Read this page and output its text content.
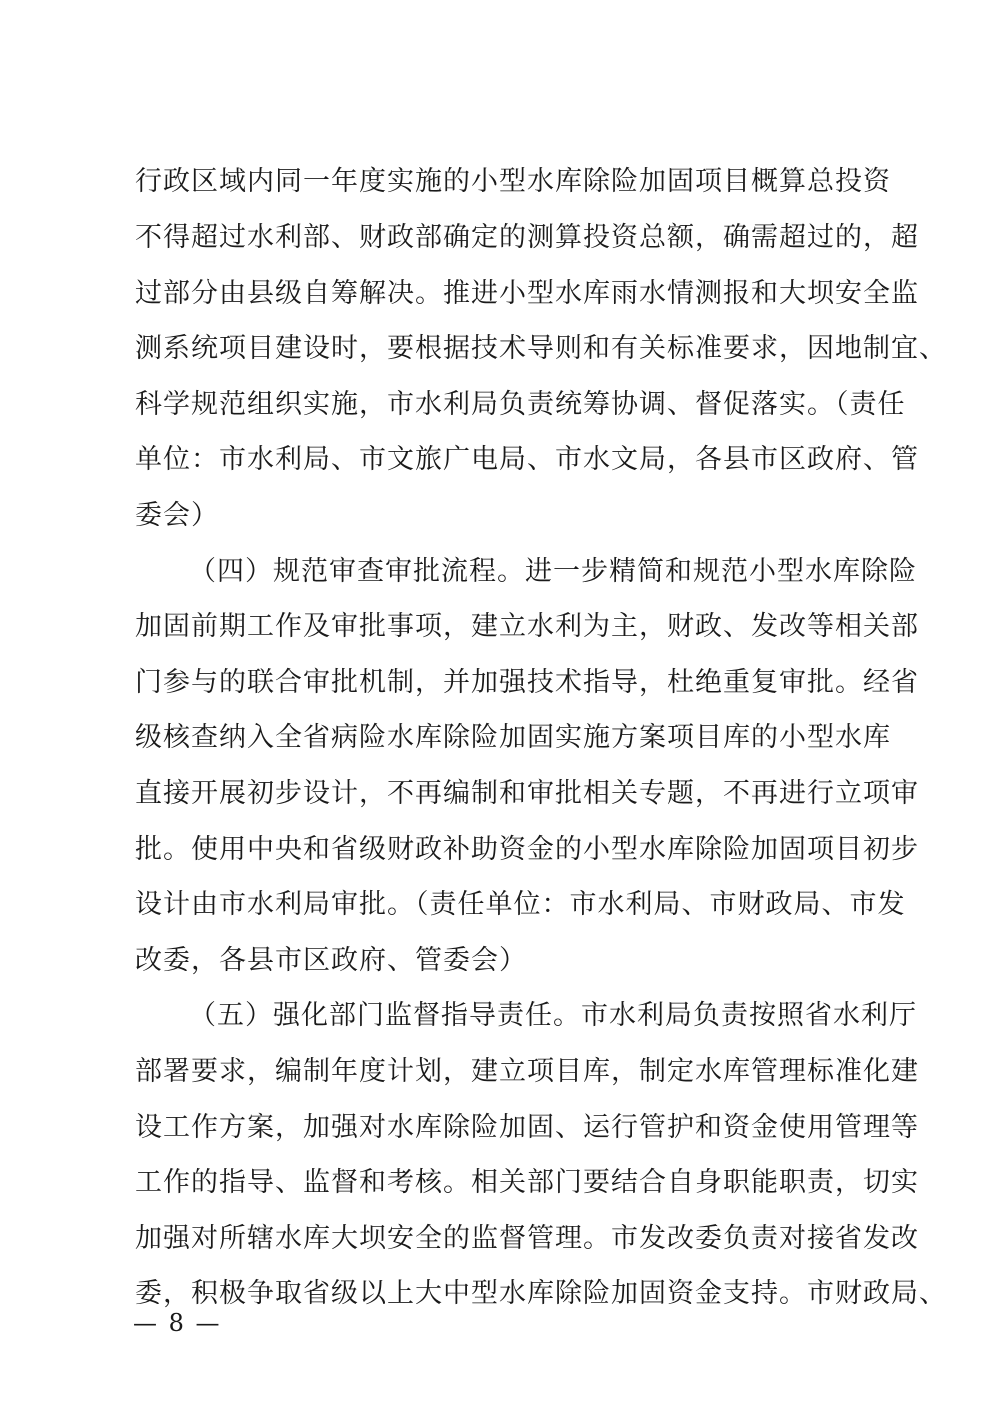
行政区域内同一年度实施的小型水库除险加固项目概算总投资
不得超过水利部、财政部确定的测算投资总额，确需超过的，超
过部分由县级自筹解决。推进小型水库雨水情测报和大坝安全监
测系统项目建设时，要根据技术导则和有关标准要求，因地制宜、
科学规范组织实施，市水利局负责统筹协调、督促落实。（责任
单位：市水利局、市文旅广电局、市水文局，各县市区政府、管
委会）
（四）规范审查审批流程。进一步精简和规范小型水库除险
加固前期工作及审批事项，建立水利为主，财政、发改等相关部
门参与的联合审批机制，并加强技术指导，杜绝重复审批。经省
级核查纳入全省病险水库除险加固实施方案项目库的小型水库
直接开展初步设计，不再编制和审批相关专题，不再进行立项审
批。使用中央和省级财政补助资金的小型水库除险加固项目初步
设计由市水利局审批。（责任单位：市水利局、市财政局、市发
改委，各县市区政府、管委会）
（五）强化部门监督指导责任。市水利局负责按照省水利厅
部署要求，编制年度计划，建立项目库，制定水库管理标准化建
设工作方案，加强对水库除险加固、运行管护和资金使用管理等
工作的指导、监督和考核。相关部门要结合自身职能职责，切实
加强对所辖水库大坝安全的监督管理。市发改委负责对接省发改
委，积极争取省级以上大中型水库除险加固资金支持。市财政局、
— 8 —
